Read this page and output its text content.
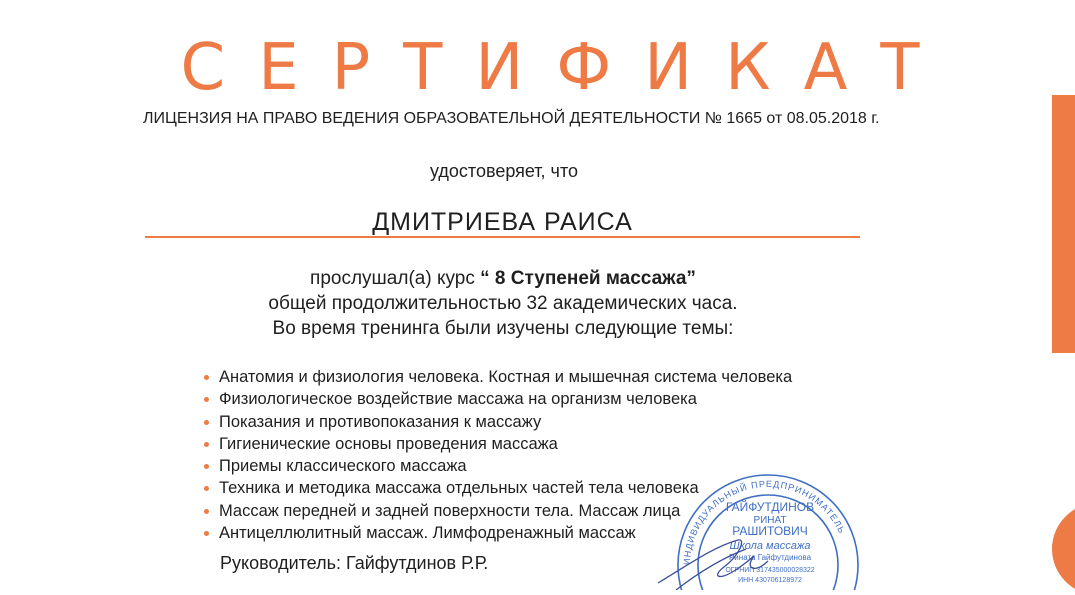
СЕРТИФИКАТ
ЛИЦЕНЗИЯ НА ПРАВО ВЕДЕНИЯ ОБРАЗОВАТЕЛЬНОЙ ДЕЯТЕЛЬНОСТИ № 1665 от 08.05.2018 г.
удостоверяет, что
ДМИТРИЕВА РАИСА
прослушал(а) курс “ 8 Ступеней массажа”
общей продолжительностью 32 академических часа.
Во время тренинга были изучены следующие темы:
Анатомия и физиология человека. Костная и мышечная система человека
Физиологическое воздействие массажа на организм человека
Показания и противопоказания к массажу
Гигиенические основы проведения массажа
Приемы классического массажа
Техника и методика массажа отдельных частей тела человека
Массаж передней и задней поверхности тела. Массаж лица
Антицеллюлитный массаж. Лимфодренажный массаж
Руководитель: Гайфутдинов Р.Р.	ИНДИВИДУАЛЬНЫЙ ПРЕДПРИНИМАТЕЛЬ
ГАЙФУТДИНОВ
РИНАТ
РАШИТОВИЧ
Школа массажа
Рината Гайфутдинова
ОГРНИП 317435000028322
ИНН 430706128972
